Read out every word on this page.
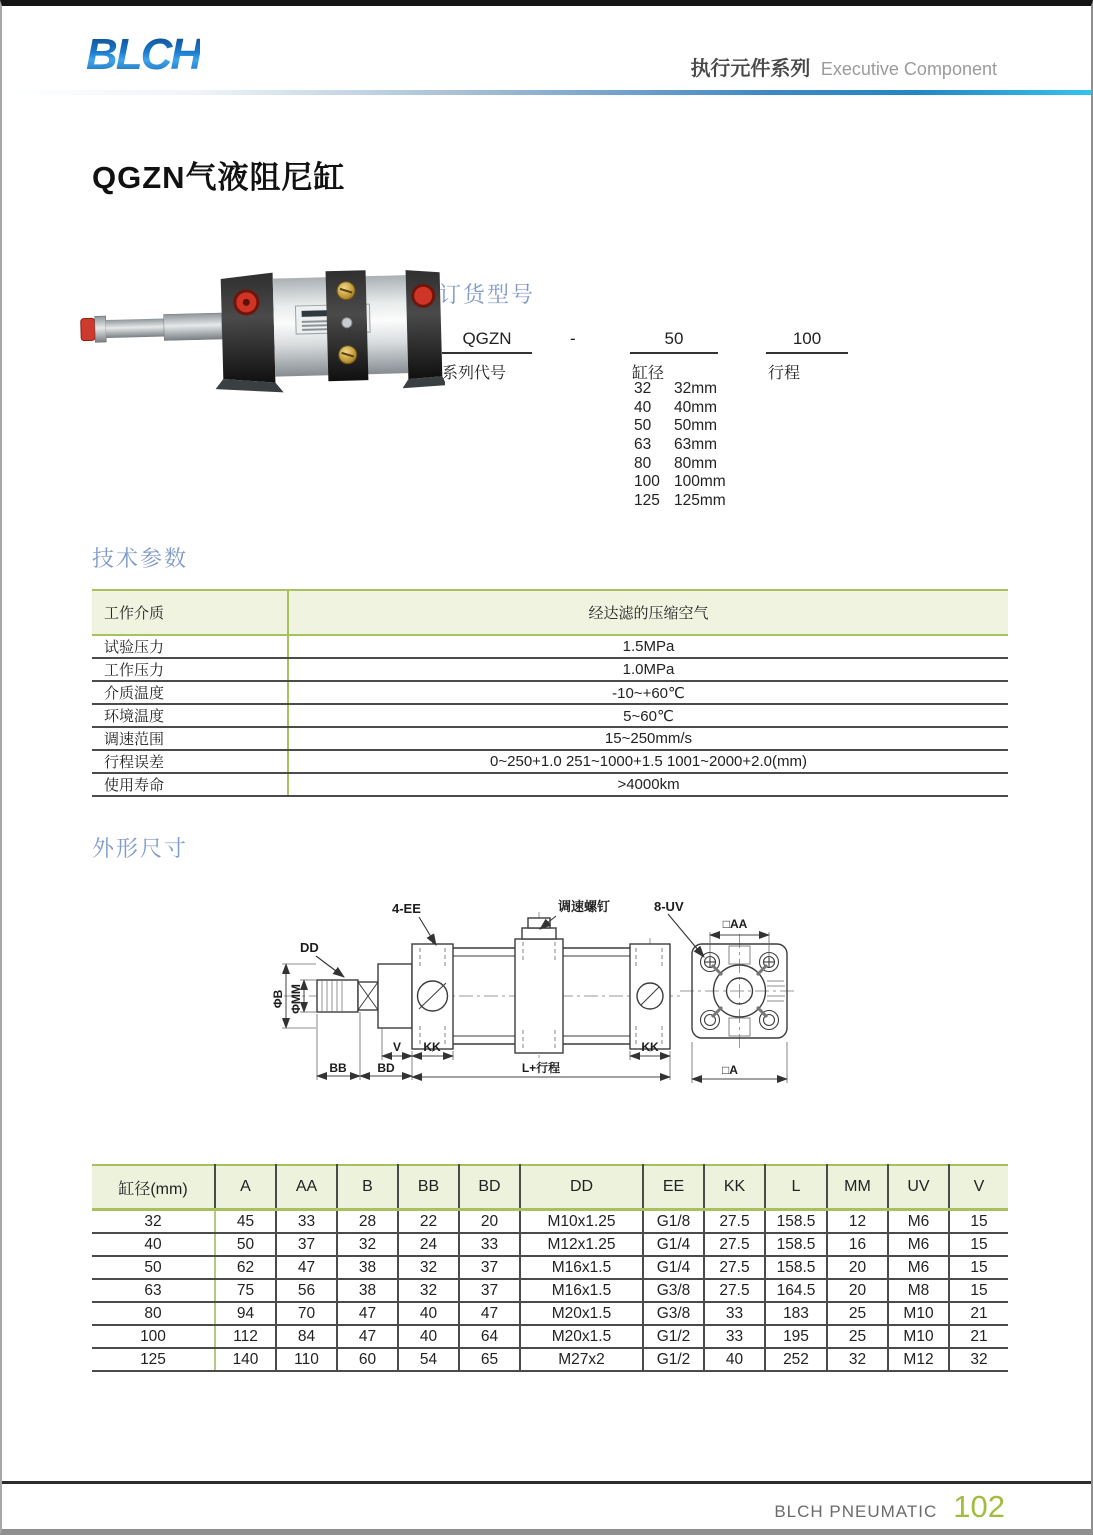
BLCH	执行元件系列 Executive Component
QGZN气液阻尼缸
订货型号
QGZN	-	50	100
系列代号	缸径	行程
32	32mm
40	40mm
50	50mm
63	63mm
80	80mm
100 100mm
125 125mm
技术参数
工作介质	经达滤的压缩空气
试验压力	1.5MPa
工作压力	1.0MPa
介质温度	-10~+60℃
环境温度	5~60℃
调速范围	15~250mm/s
行程误差	0~250+1.0 251~1000+1.5 1001~2000+2.0(mm)
使用寿命	>4000km
外形尺寸
DD
4-EE	调速螺钉	8-UV
ΦB ΦMM
BB	BD
V KK	KK
L+行程
□AA
□A
缸径(mm)	A	AA	B	BB	BD	DD	EE	KK	L	MM	UV	V
32	45	33	28	22	20	M10x1.25	G1/8	27.5	158.5	12	M6	15
40	50	37	32	24	33	M12x1.25	G1/4	27.5	158.5	16	M6	15
50	62	47	38	32	37	M16x1.5	G1/4	27.5	158.5	20	M6	15
63	75	56	38	32	37	M16x1.5	G3/8	27.5	164.5	20	M8	15
80	94	70	47	40	47	M20x1.5	G3/8	33	183	25	M10	21
100	112	84	47	40	64	M20x1.5	G1/2	33	195	25	M10	21
125	140	110	60	54	65	M27x2	G1/2	40	252	32	M12	32
BLCH PNEUMATIC 102
